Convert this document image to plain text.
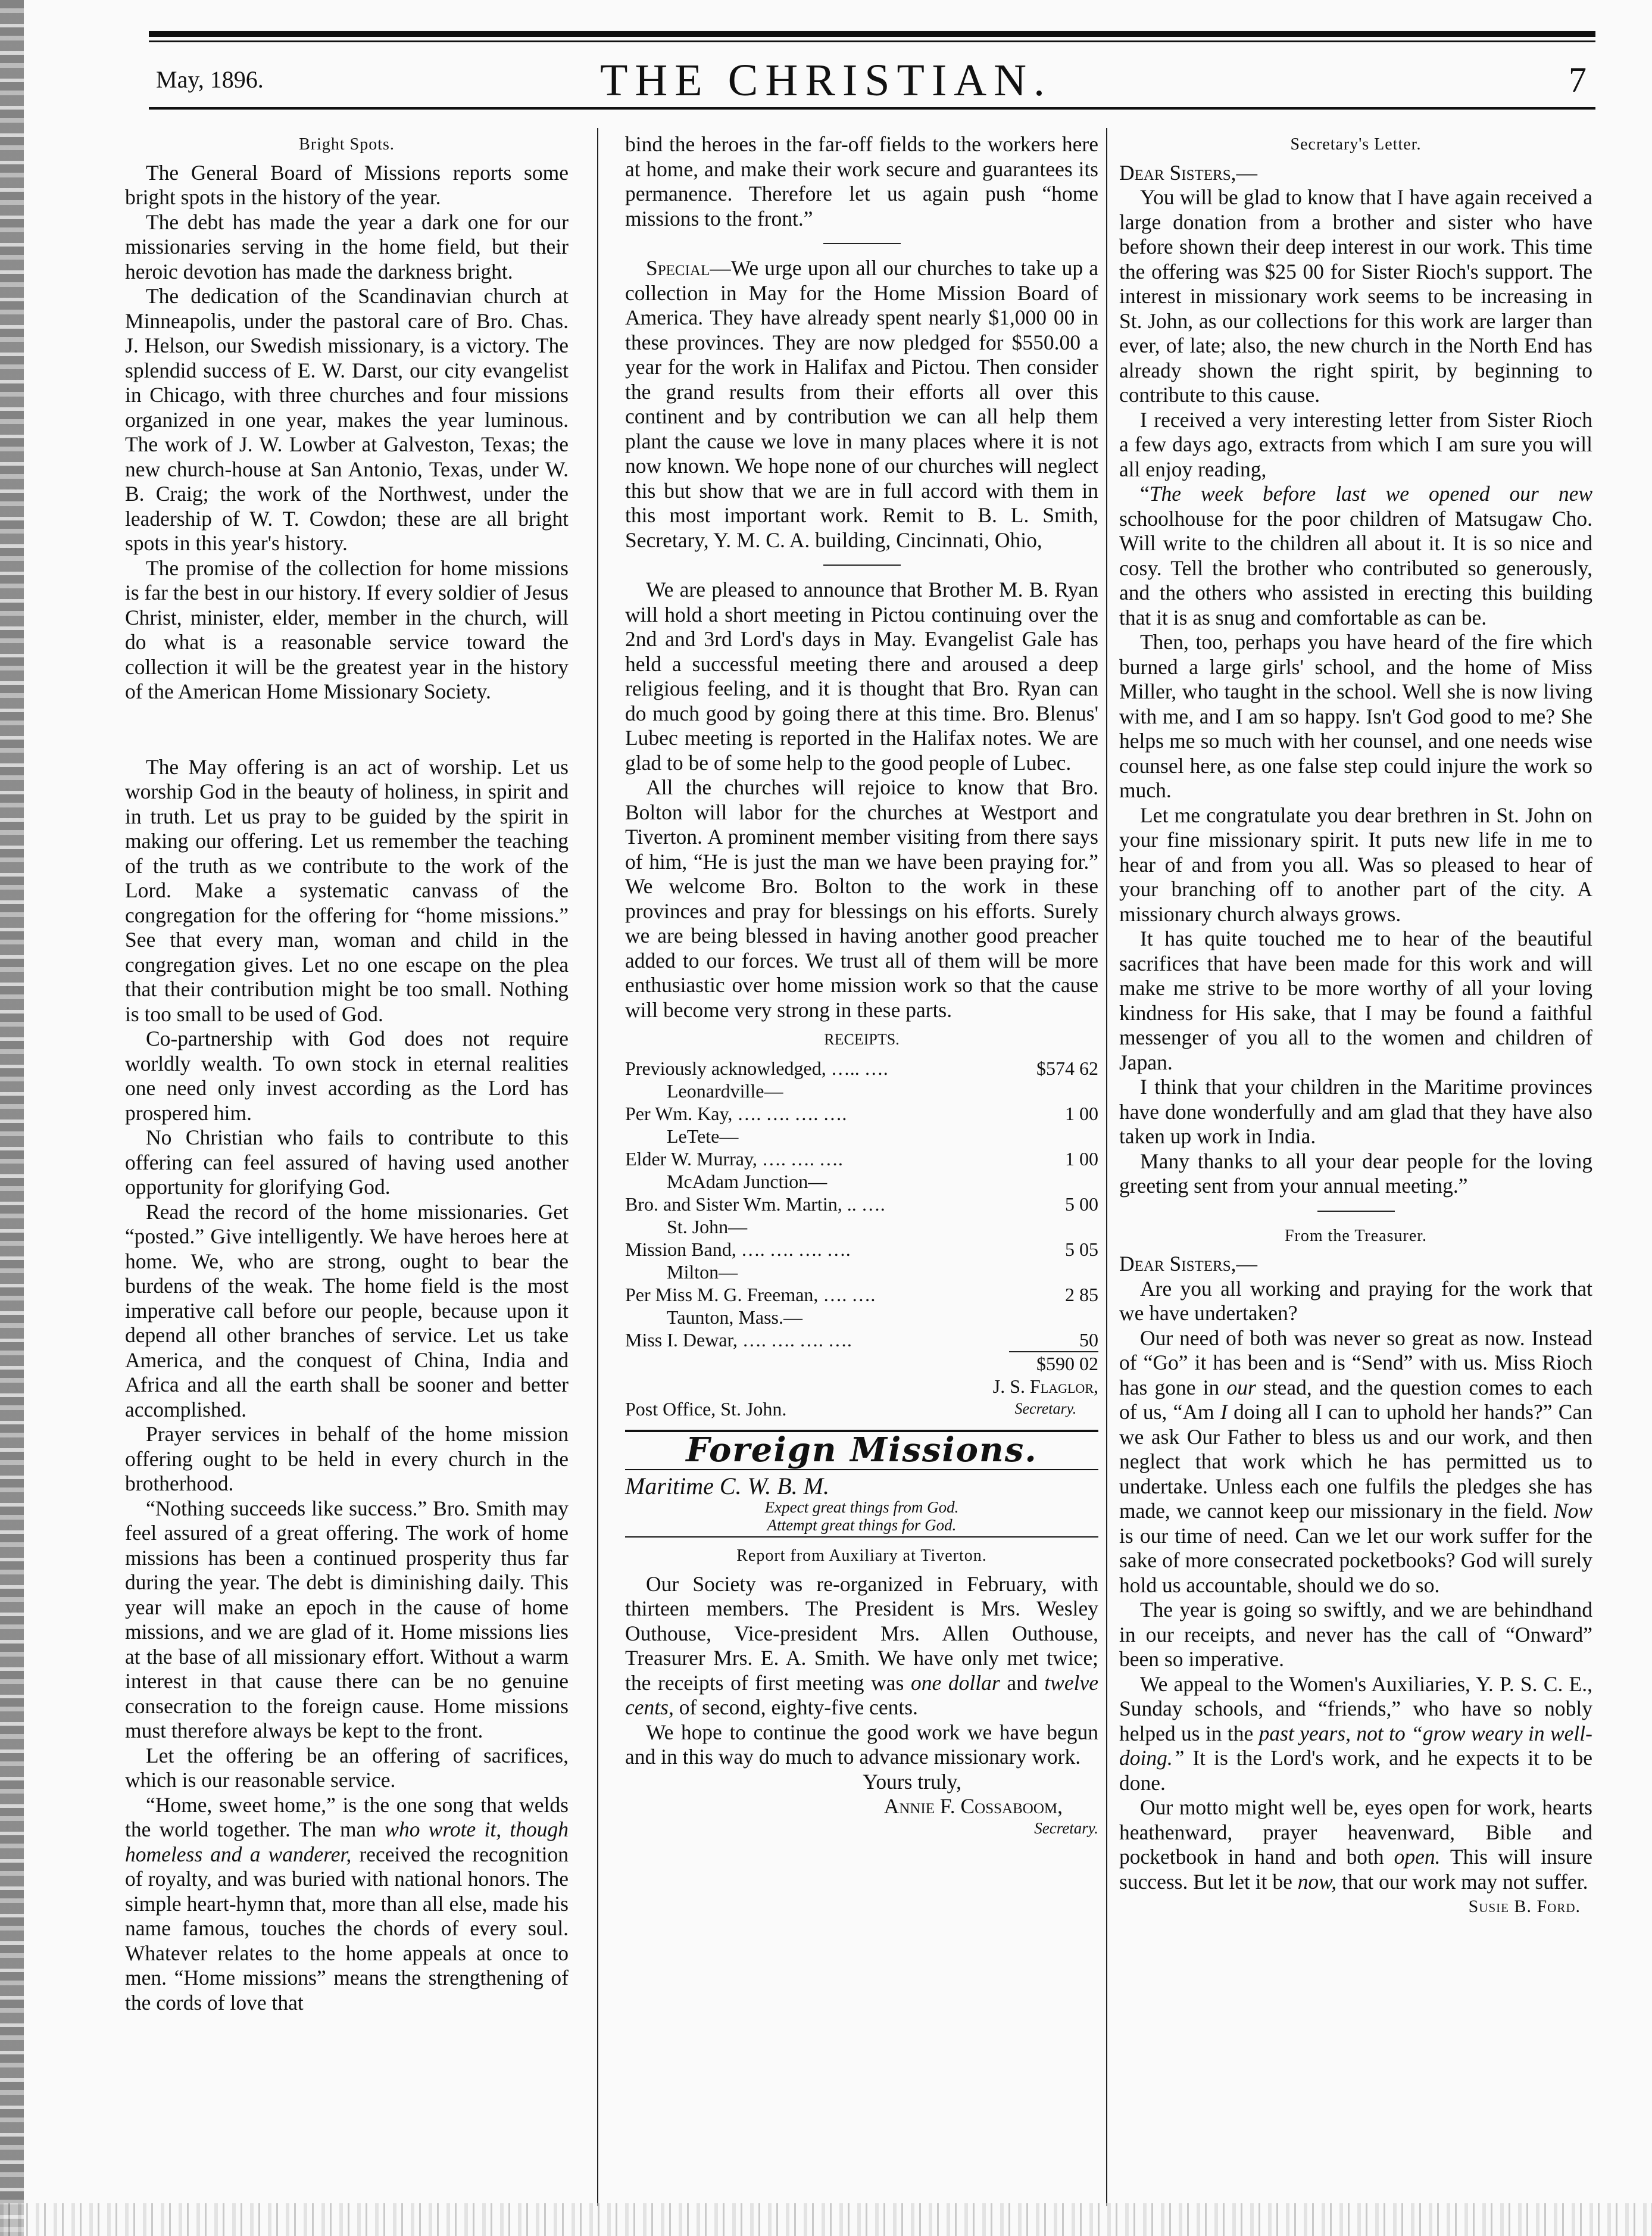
May, 1896.	THE CHRISTIAN.	7
Bright Spots.

The General Board of Missions reports some bright spots in the history of the year.

The debt has made the year a dark one for our missionaries serving in the home field, but their heroic devotion has made the darkness bright.

The dedication of the Scandinavian church at Minneapolis, under the pastoral care of Bro. Chas. J. Helson, our Swedish missionary, is a victory. The splendid success of E. W. Darst, our city evangelist in Chicago, with three churches and four missions organized in one year, makes the year luminous. The work of J. W. Lowber at Galveston, Texas; the new church-house at San Antonio, Texas, under W. B. Craig; the work of the Northwest, under the leadership of W. T. Cowdon; these are all bright spots in this year's history.

The promise of the collection for home missions is far the best in our history. If every soldier of Jesus Christ, minister, elder, member in the church, will do what is a reasonable service toward the collection it will be the greatest year in the history of the American Home Missionary Society.

The May offering is an act of worship. Let us worship God in the beauty of holiness, in spirit and in truth. Let us pray to be guided by the spirit in making our offering. Let us remember the teaching of the truth as we contribute to the work of the Lord. Make a systematic canvass of the congregation for the offering for “home missions.” See that every man, woman and child in the congregation gives. Let no one escape on the plea that their contribution might be too small. Nothing is too small to be used of God.

Co-partnership with God does not require worldly wealth. To own stock in eternal realities one need only invest according as the Lord has prospered him.

No Christian who fails to contribute to this offering can feel assured of having used another opportunity for glorifying God.

Read the record of the home missionaries. Get “posted.” Give intelligently. We have heroes here at home. We, who are strong, ought to bear the burdens of the weak. The home field is the most imperative call before our people, because upon it depend all other branches of service. Let us take America, and the conquest of China, India and Africa and all the earth shall be sooner and better accomplished.

Prayer services in behalf of the home mission offering ought to be held in every church in the brotherhood.

“Nothing succeeds like success.” Bro. Smith may feel assured of a great offering. The work of home missions has been a continued prosperity thus far during the year. The debt is diminishing daily. This year will make an epoch in the cause of home missions, and we are glad of it. Home missions lies at the base of all missionary effort. Without a warm interest in that cause there can be no genuine consecration to the foreign cause. Home missions must therefore always be kept to the front.

Let the offering be an offering of sacrifices, which is our reasonable service.

“Home, sweet home,” is the one song that welds the world together. The man who wrote it, though homeless and a wanderer, received the recognition of royalty, and was buried with national honors. The simple heart-hymn that, more than all else, made his name famous, touches the chords of every soul. Whatever relates to the home appeals at once to men. “Home missions” means the strengthening of the cords of love that

bind the heroes in the far-off fields to the workers here at home, and make their work secure and guarantees its permanence. Therefore let us again push “home missions to the front.”

Special—We urge upon all our churches to take up a collection in May for the Home Mission Board of America. They have already spent nearly $1,000 00 in these provinces. They are now pledged for $550.00 a year for the work in Halifax and Pictou. Then consider the grand results from their efforts all over this continent and by contribution we can all help them plant the cause we love in many places where it is not now known. We hope none of our churches will neglect this but show that we are in full accord with them in this most important work. Remit to B. L. Smith, Secretary, Y. M. C. A. building, Cincinnati, Ohio,

We are pleased to announce that Brother M. B. Ryan will hold a short meeting in Pictou continuing over the 2nd and 3rd Lord's days in May. Evangelist Gale has held a successful meeting there and aroused a deep religious feeling, and it is thought that Bro. Ryan can do much good by going there at this time. Bro. Blenus' Lubec meeting is reported in the Halifax notes. We are glad to be of some help to the good people of Lubec.

All the churches will rejoice to know that Bro. Bolton will labor for the churches at Westport and Tiverton. A prominent member visiting from there says of him, “He is just the man we have been praying for.” We welcome Bro. Bolton to the work in these provinces and pray for blessings on his efforts. Surely we are being blessed in having another good preacher added to our forces. We trust all of them will be more enthusiastic over home mission work so that the cause will become very strong in these parts.

RECEIPTS.
Previously acknowledged, ….. ….	$574 62
Leonardville—
Per Wm. Kay, …. …. …. ….	1 00
LeTete—
Elder W. Murray, …. …. ….	1 00
McAdam Junction—
Bro. and Sister Wm. Martin, .. ….	5 00
St. John—
Mission Band, …. …. …. ….	5 05
Milton—
Per Miss M. G. Freeman, …. ….	2 85
Taunton, Mass.—
Miss I. Dewar, …. …. …. ….	50
$590 02
Post Office, St. John.
J. S. Flaglor,
Secretary.
Foreign Missions.
Maritime C. W. B. M.
Expect great things from God.
Attempt great things for God.
Report from Auxiliary at Tiverton.

Our Society was re-organized in February, with thirteen members. The President is Mrs. Wesley Outhouse, Vice-president Mrs. Allen Outhouse, Treasurer Mrs. E. A. Smith. We have only met twice; the receipts of first meeting was one dollar and twelve cents, of second, eighty-five cents.

We hope to continue the good work we have begun and in this way do much to advance missionary work.

Yours truly,

Annie F. Cossaboom,

Secretary.

Secretary's Letter.

Dear Sisters,—

You will be glad to know that I have again received a large donation from a brother and sister who have before shown their deep interest in our work. This time the offering was $25 00 for Sister Rioch's support. The interest in missionary work seems to be increasing in St. John, as our collections for this work are larger than ever, of late; also, the new church in the North End has already shown the right spirit, by beginning to contribute to this cause.

I received a very interesting letter from Sister Rioch a few days ago, extracts from which I am sure you will all enjoy reading,

“The week before last we opened our new schoolhouse for the poor children of Matsugaw Cho. Will write to the children all about it. It is so nice and cosy. Tell the brother who contributed so generously, and the others who assisted in erecting this building that it is as snug and comfortable as can be.

Then, too, perhaps you have heard of the fire which burned a large girls' school, and the home of Miss Miller, who taught in the school. Well she is now living with me, and I am so happy. Isn't God good to me? She helps me so much with her counsel, and one needs wise counsel here, as one false step could injure the work so much.

Let me congratulate you dear brethren in St. John on your fine missionary spirit. It puts new life in me to hear of and from you all. Was so pleased to hear of your branching off to another part of the city. A missionary church always grows.

It has quite touched me to hear of the beautiful sacrifices that have been made for this work and will make me strive to be more worthy of all your loving kindness for His sake, that I may be found a faithful messenger of you all to the women and children of Japan.

I think that your children in the Maritime provinces have done wonderfully and am glad that they have also taken up work in India.

Many thanks to all your dear people for the loving greeting sent from your annual meeting.”

From the Treasurer.

Dear Sisters,—

Are you all working and praying for the work that we have undertaken?

Our need of both was never so great as now. Instead of “Go” it has been and is “Send” with us. Miss Rioch has gone in our stead, and the question comes to each of us, “Am I doing all I can to uphold her hands?” Can we ask Our Father to bless us and our work, and then neglect that work which he has permitted us to undertake. Unless each one fulfils the pledges she has made, we cannot keep our missionary in the field. Now is our time of need. Can we let our work suffer for the sake of more consecrated pocketbooks? God will surely hold us accountable, should we do so.

The year is going so swiftly, and we are behindhand in our receipts, and never has the call of “Onward” been so imperative.

We appeal to the Women's Auxiliaries, Y. P. S. C. E., Sunday schools, and “friends,” who have so nobly helped us in the past years, not to “grow weary in well-doing.” It is the Lord's work, and he expects it to be done.

Our motto might well be, eyes open for work, hearts heathenward, prayer heavenward, Bible and pocketbook in hand and both open. This will insure success. But let it be now, that our work may not suffer.

Susie B. Ford.
